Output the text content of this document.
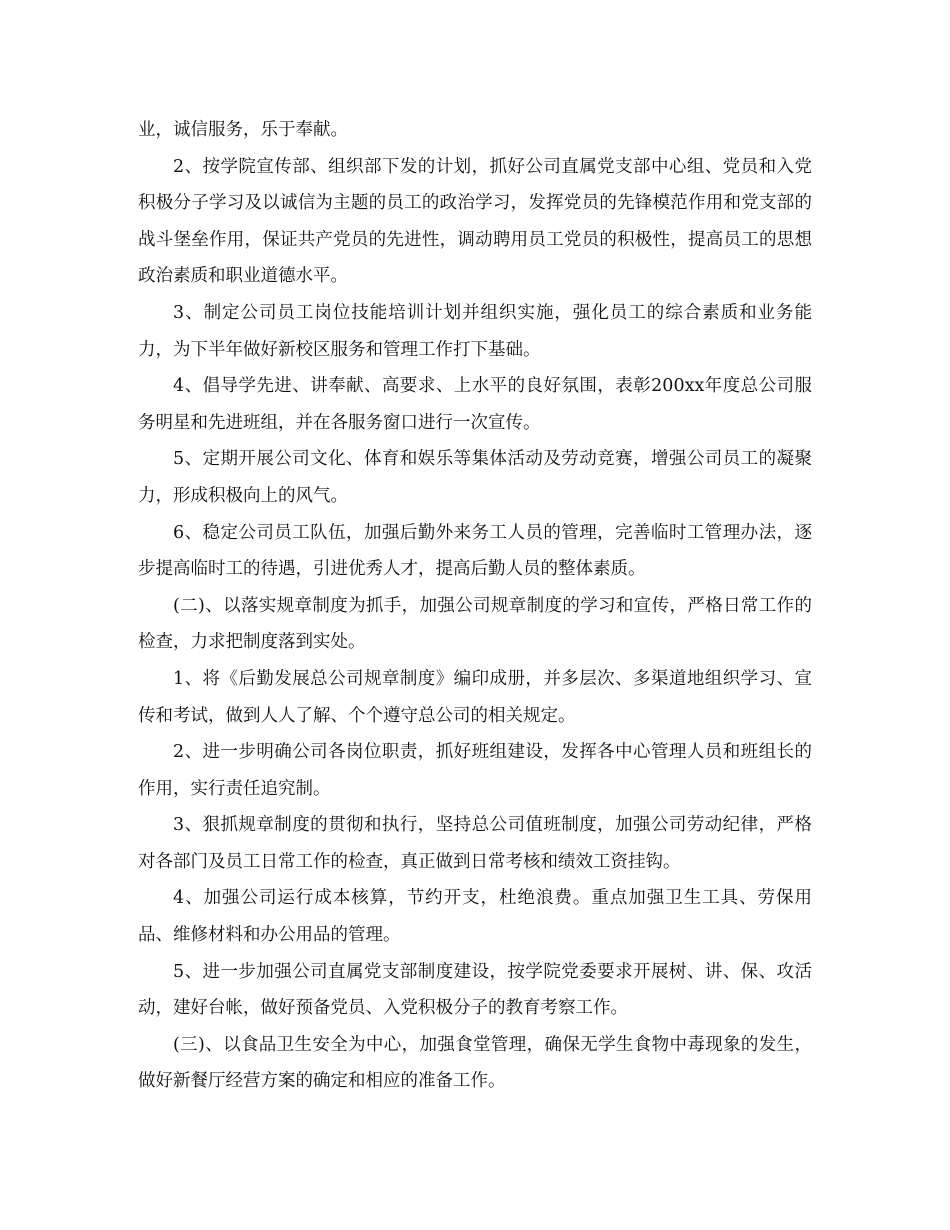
业，诚信服务，乐于奉献。

2、按学院宣传部、组织部下发的计划，抓好公司直属党支部中心组、党员和入党积极分子学习及以诚信为主题的员工的政治学习，发挥党员的先锋模范作用和党支部的战斗堡垒作用，保证共产党员的先进性，调动聘用员工党员的积极性，提高员工的思想政治素质和职业道德水平。

3、制定公司员工岗位技能培训计划并组织实施，强化员工的综合素质和业务能力，为下半年做好新校区服务和管理工作打下基础。

4、倡导学先进、讲奉献、高要求、上水平的良好氛围，表彰200xx年度总公司服务明星和先进班组，并在各服务窗口进行一次宣传。

5、定期开展公司文化、体育和娱乐等集体活动及劳动竞赛，增强公司员工的凝聚力，形成积极向上的风气。

6、稳定公司员工队伍，加强后勤外来务工人员的管理，完善临时工管理办法，逐步提高临时工的待遇，引进优秀人才，提高后勤人员的整体素质。

(二)、以落实规章制度为抓手，加强公司规章制度的学习和宣传，严格日常工作的检查，力求把制度落到实处。

1、将《后勤发展总公司规章制度》编印成册，并多层次、多渠道地组织学习、宣传和考试，做到人人了解、个个遵守总公司的相关规定。

2、进一步明确公司各岗位职责，抓好班组建设，发挥各中心管理人员和班组长的作用，实行责任追究制。

3、狠抓规章制度的贯彻和执行，坚持总公司值班制度，加强公司劳动纪律，严格对各部门及员工日常工作的检查，真正做到日常考核和绩效工资挂钩。

4、加强公司运行成本核算，节约开支，杜绝浪费。重点加强卫生工具、劳保用品、维修材料和办公用品的管理。

5、进一步加强公司直属党支部制度建设，按学院党委要求开展树、讲、保、攻活动，建好台帐，做好预备党员、入党积极分子的教育考察工作。

(三)、以食品卫生安全为中心，加强食堂管理，确保无学生食物中毒现象的发生，做好新餐厅经营方案的确定和相应的准备工作。
